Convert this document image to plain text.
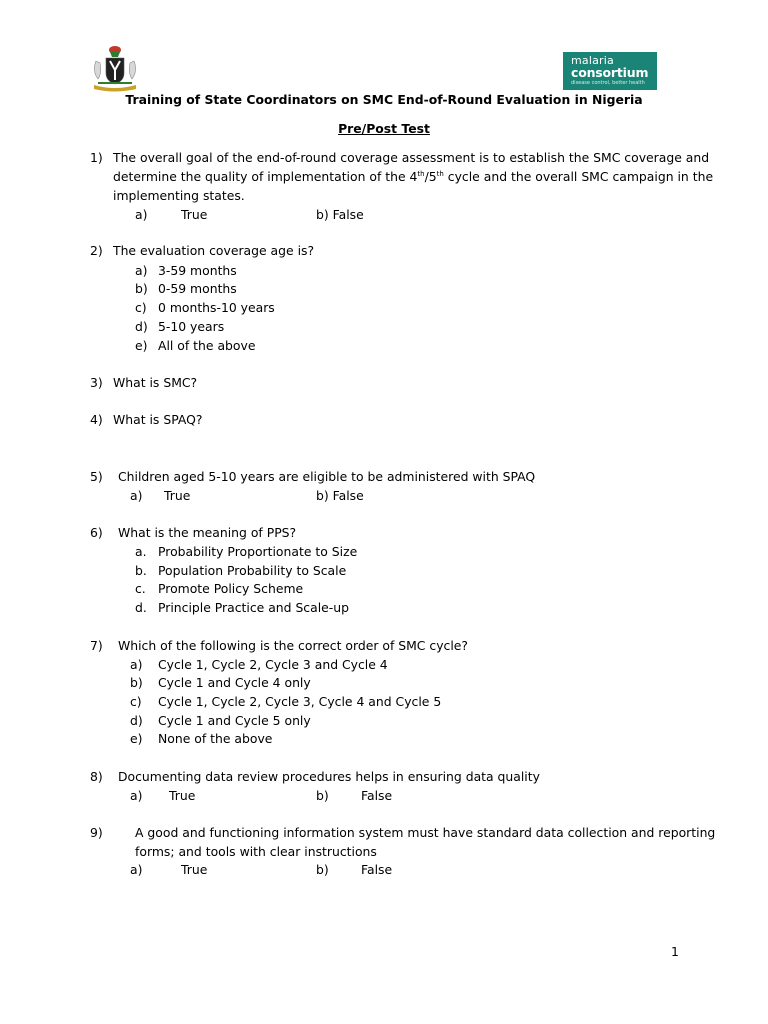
malaria
consortium
disease control, better health
Training of State Coordinators on SMC End-of-Round Evaluation in Nigeria
Pre/Post Test
1) The overall goal of the end-of-round coverage assessment is to establish the SMC coverage and
determine the quality of implementation of the 4th/5th cycle and the overall SMC campaign in the
implementing states.
a)	True	b) False
2) The evaluation coverage age is?
a) 3-59 months
b) 0-59 months
c) 0 months-10 years
d) 5-10 years
e) All of the above
3) What is SMC?
4) What is SPAQ?
5) Children aged 5-10 years are eligible to be administered with SPAQ
a) True	b) False
6) What is the meaning of PPS?
a. Probability Proportionate to Size
b. Population Probability to Scale
c. Promote Policy Scheme
d. Principle Practice and Scale-up
7) Which of the following is the correct order of SMC cycle?
a) Cycle 1, Cycle 2, Cycle 3 and Cycle 4
b) Cycle 1 and Cycle 4 only
c) Cycle 1, Cycle 2, Cycle 3, Cycle 4 and Cycle 5
d) Cycle 1 and Cycle 5 only
e) None of the above
8) Documenting data review procedures helps in ensuring data quality
a) True	b)	False
9)	A good and functioning information system must have standard data collection and reporting
forms; and tools with clear instructions
a)	True	b)	False
1
